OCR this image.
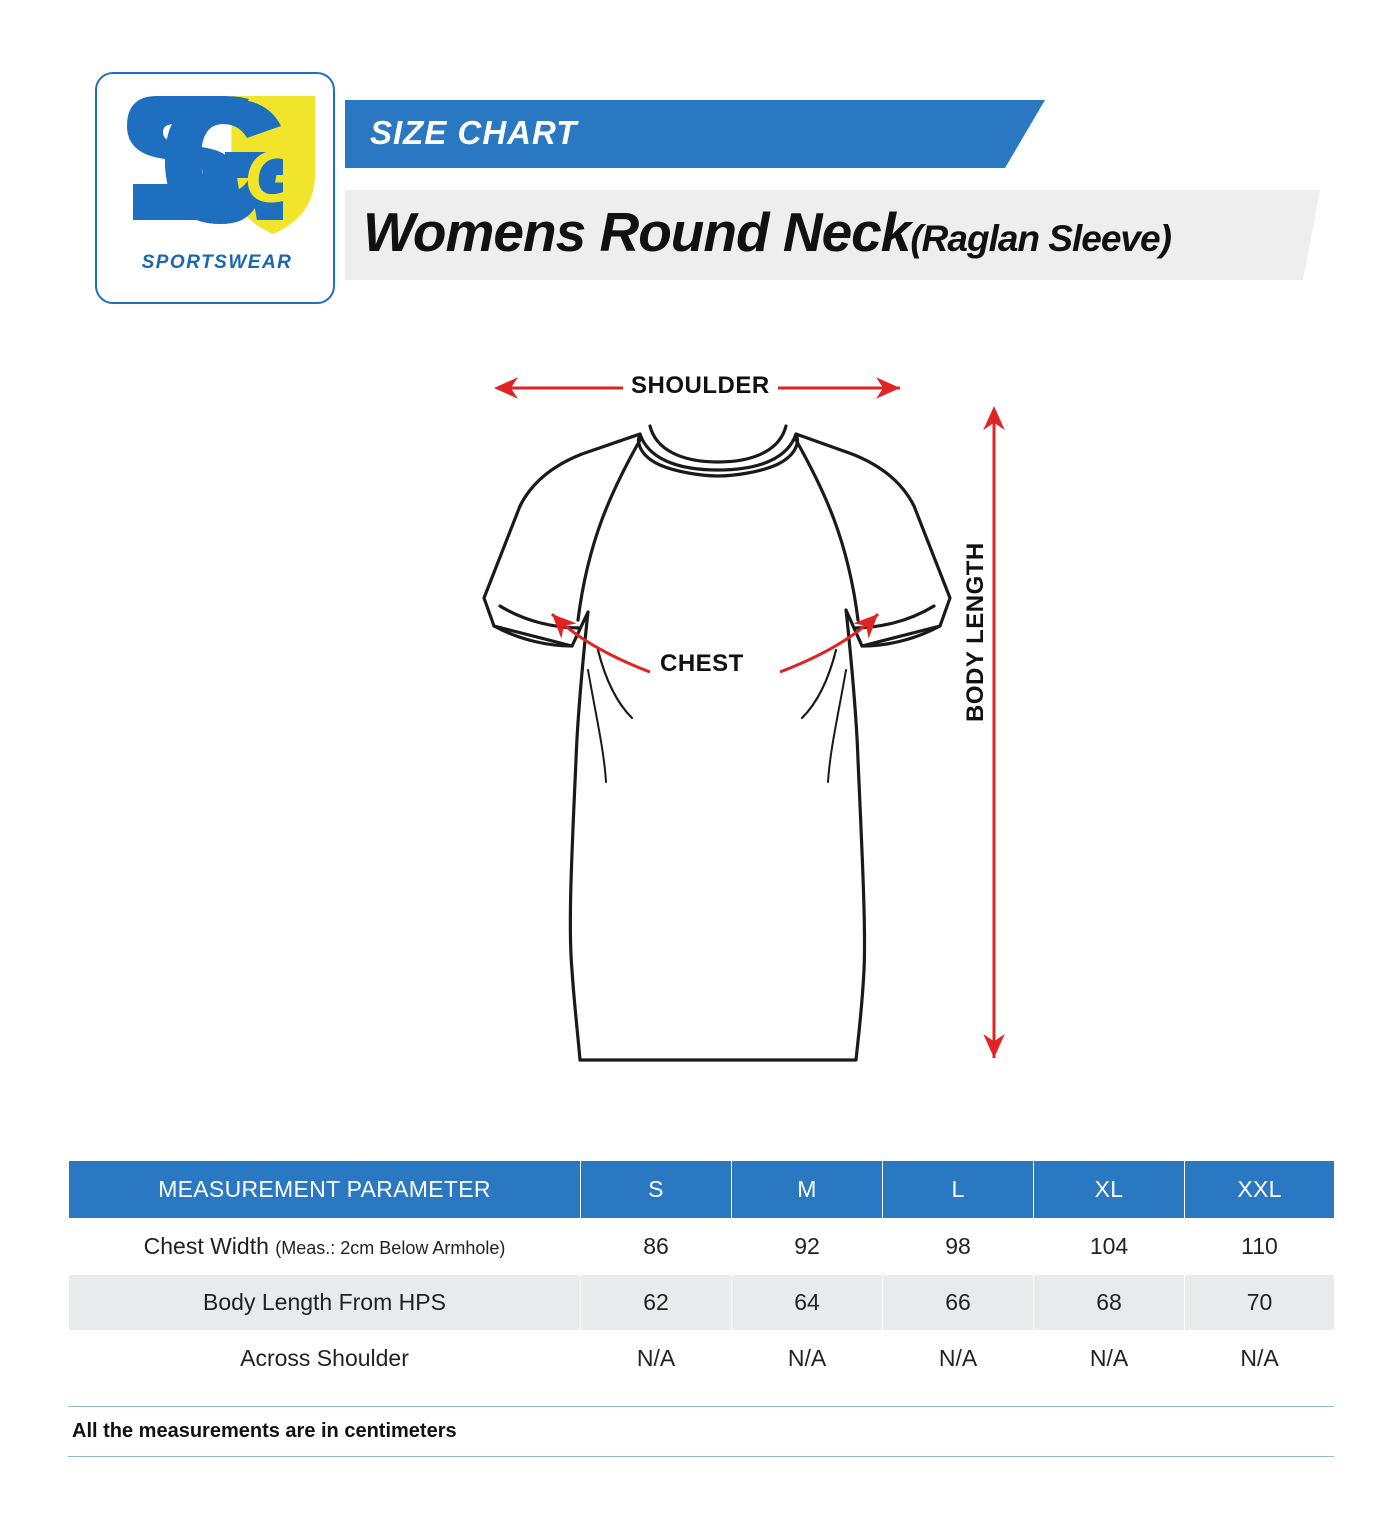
G
SPORTSWEAR
SIZE CHART
Womens Round Neck(Raglan Sleeve)
SHOULDER
CHEST	BODY LENGTH
MEASUREMENT PARAMETER	S	M	L	XL	XXL
Chest Width (Meas.: 2cm Below Armhole)	86	92	98	104	110
Body Length From HPS	62	64	66	68	70
Across Shoulder	N/A	N/A	N/A	N/A	N/A
All the measurements are in centimeters
